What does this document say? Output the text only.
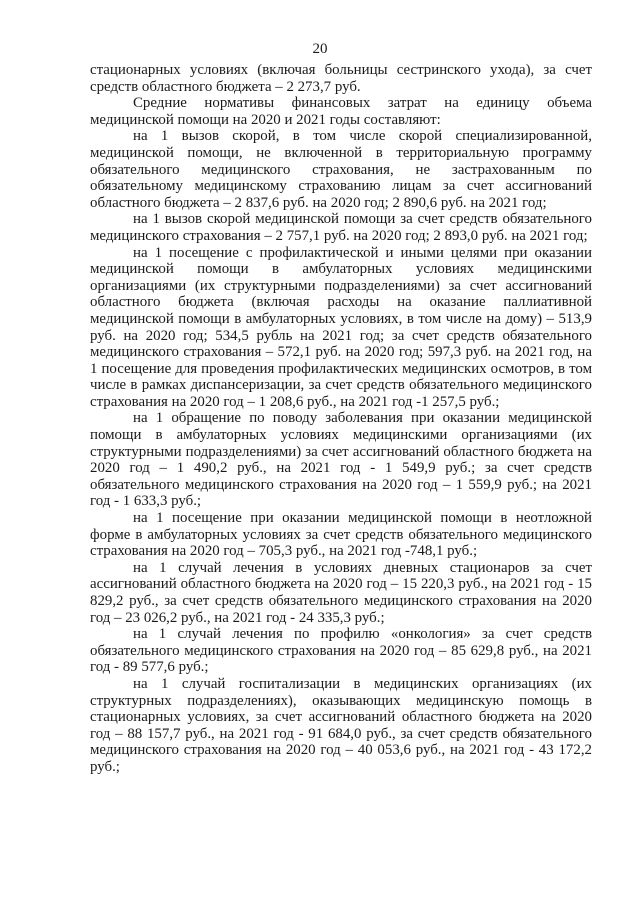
20

стационарных условиях (включая больницы сестринского ухода), за счет средств областного бюджета – 2 273,7 руб.

Средние нормативы финансовых затрат на единицу объема медицинской помощи на 2020 и 2021 годы составляют:

на 1 вызов скорой, в том числе скорой специализированной, медицинской помощи, не включенной в территориальную программу обязательного медицинского страхования, не застрахованным по обязательному медицинскому страхованию лицам за счет ассигнований областного бюджета – 2 837,6 руб. на 2020 год; 2 890,6 руб. на 2021 год;

на 1 вызов скорой медицинской помощи за счет средств обязательного медицинского страхования – 2 757,1 руб. на 2020 год; 2 893,0 руб. на 2021 год;

на 1 посещение с профилактической и иными целями при оказании медицинской помощи в амбулаторных условиях медицинскими организациями (их структурными подразделениями) за счет ассигнований областного бюджета (включая расходы на оказание паллиативной медицинской помощи в амбулаторных условиях, в том числе на дому) – 513,9 руб. на 2020 год; 534,5 рубль на 2021 год; за счет средств обязательного медицинского страхования – 572,1 руб. на 2020 год; 597,3 руб. на 2021 год, на 1 посещение для проведения профилактических медицинских осмотров, в том числе в рамках диспансеризации, за счет средств обязательного медицинского страхования на 2020 год – 1 208,6 руб., на 2021 год -1 257,5 руб.;

на 1 обращение по поводу заболевания при оказании медицинской помощи в амбулаторных условиях медицинскими организациями (их структурными подразделениями) за счет ассигнований областного бюджета на 2020 год – 1 490,2 руб., на 2021 год - 1 549,9 руб.; за счет средств обязательного медицинского страхования на 2020 год – 1 559,9 руб.; на 2021 год - 1 633,3 руб.;

на 1 посещение при оказании медицинской помощи в неотложной форме в амбулаторных условиях за счет средств обязательного медицинского страхования на 2020 год – 705,3 руб., на 2021 год -748,1 руб.;

на 1 случай лечения в условиях дневных стационаров за счет ассигнований областного бюджета на 2020 год – 15 220,3 руб., на 2021 год - 15 829,2 руб., за счет средств обязательного медицинского страхования на 2020 год – 23 026,2 руб., на 2021 год - 24 335,3 руб.;

на 1 случай лечения по профилю «онкология» за счет средств обязательного медицинского страхования на 2020 год – 85 629,8 руб., на 2021 год - 89 577,6 руб.;

на 1 случай госпитализации в медицинских организациях (их структурных подразделениях), оказывающих медицинскую помощь в стационарных условиях, за счет ассигнований областного бюджета на 2020 год – 88 157,7 руб., на 2021 год - 91 684,0 руб., за счет средств обязательного медицинского страхования на 2020 год – 40 053,6 руб., на 2021 год - 43 172,2 руб.;
